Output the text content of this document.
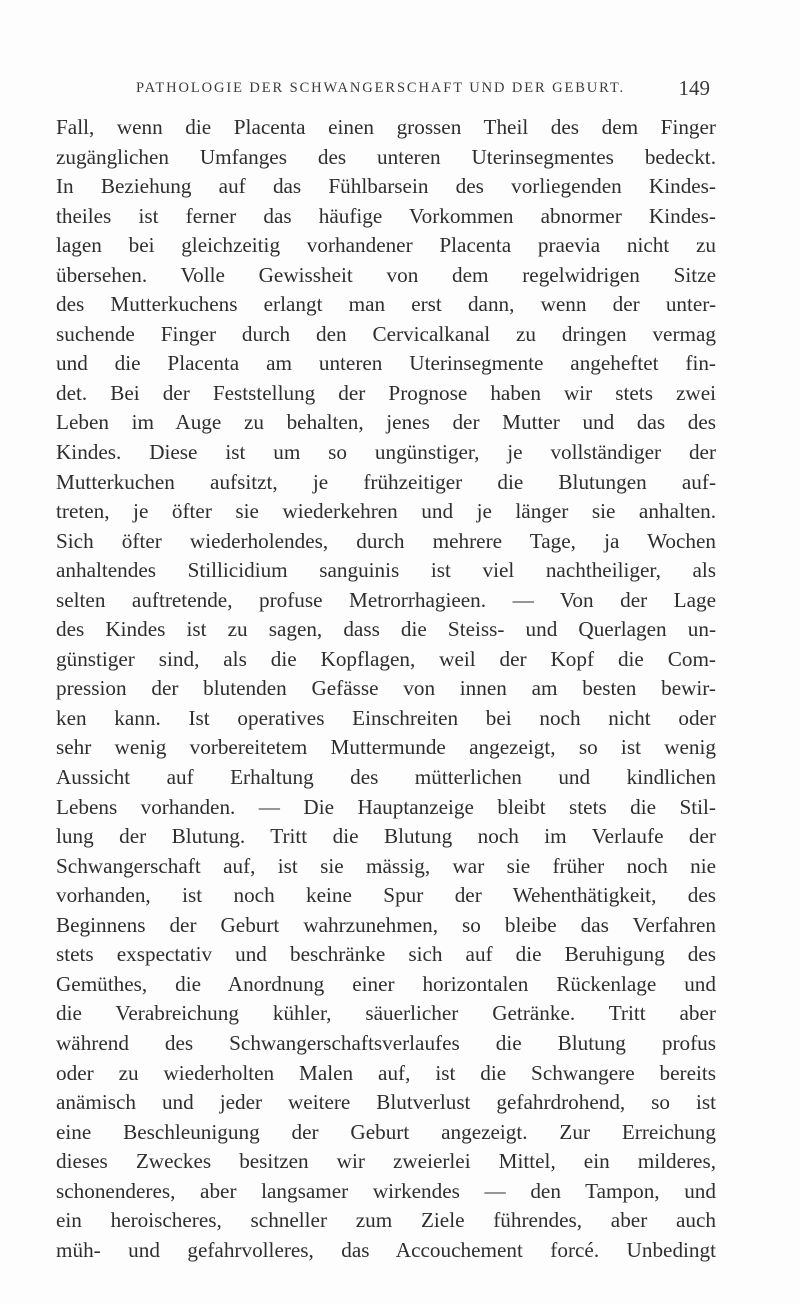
PATHOLOGIE DER SCHWANGERSCHAFT UND DER GEBURT.	149
Fall, wenn die Placenta einen grossen Theil des dem Finger
zugänglichen Umfanges des unteren Uterinsegmentes bedeckt.
In Beziehung auf das Fühlbarsein des vorliegenden Kindes-
theiles ist ferner das häufige Vorkommen abnormer Kindes-
lagen bei gleichzeitig vorhandener Placenta praevia nicht zu
übersehen. Volle Gewissheit von dem regelwidrigen Sitze
des Mutterkuchens erlangt man erst dann, wenn der unter-
suchende Finger durch den Cervicalkanal zu dringen vermag
und die Placenta am unteren Uterinsegmente angeheftet fin-
det. Bei der Feststellung der Prognose haben wir stets zwei
Leben im Auge zu behalten, jenes der Mutter und das des
Kindes. Diese ist um so ungünstiger, je vollständiger der
Mutterkuchen aufsitzt, je frühzeitiger die Blutungen auf-
treten, je öfter sie wiederkehren und je länger sie anhalten.
Sich öfter wiederholendes, durch mehrere Tage, ja Wochen
anhaltendes Stillicidium sanguinis ist viel nachtheiliger, als
selten auftretende, profuse Metrorrhagieen. — Von der Lage
des Kindes ist zu sagen, dass die Steiss- und Querlagen un-
günstiger sind, als die Kopflagen, weil der Kopf die Com-
pression der blutenden Gefässe von innen am besten bewir-
ken kann. Ist operatives Einschreiten bei noch nicht oder
sehr wenig vorbereitetem Muttermunde angezeigt, so ist wenig
Aussicht auf Erhaltung des mütterlichen und kindlichen
Lebens vorhanden. — Die Hauptanzeige bleibt stets die Stil-
lung der Blutung. Tritt die Blutung noch im Verlaufe der
Schwangerschaft auf, ist sie mässig, war sie früher noch nie
vorhanden, ist noch keine Spur der Wehenthätigkeit, des
Beginnens der Geburt wahrzunehmen, so bleibe das Verfahren
stets exspectativ und beschränke sich auf die Beruhigung des
Gemüthes, die Anordnung einer horizontalen Rückenlage und
die Verabreichung kühler, säuerlicher Getränke. Tritt aber
während des Schwangerschaftsverlaufes die Blutung profus
oder zu wiederholten Malen auf, ist die Schwangere bereits
anämisch und jeder weitere Blutverlust gefahrdrohend, so ist
eine Beschleunigung der Geburt angezeigt. Zur Erreichung
dieses Zweckes besitzen wir zweierlei Mittel, ein milderes,
schonenderes, aber langsamer wirkendes — den Tampon, und
ein heroischeres, schneller zum Ziele führendes, aber auch
müh- und gefahrvolleres, das Accouchement forcé. Unbedingt
